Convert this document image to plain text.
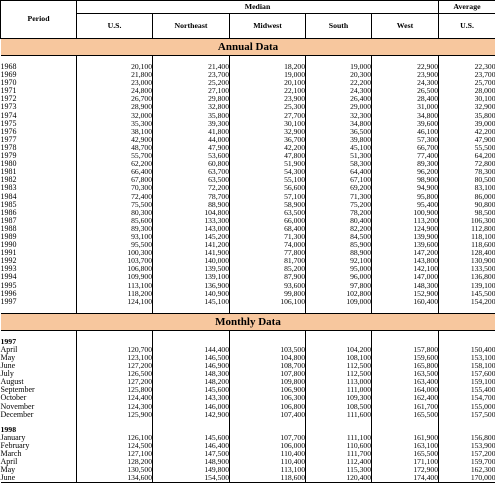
Period	Median					Average
	U.S.	Northeast	Midwest	South	West	U.S.
Annual Data						

1968	20,100	21,400	18,200	19,000	22,900	22,300
1969	21,800	23,700	19,000	20,300	23,900	23,700
1970	23,000	25,200	20,100	22,200	24,300	25,700
1971	24,800	27,100	22,100	24,300	26,500	28,000
1972	26,700	29,800	23,900	26,400	28,400	30,100
1973	28,900	32,800	25,300	29,000	31,000	32,900
1974	32,000	35,800	27,700	32,300	34,800	35,800
1975	35,300	39,300	30,100	34,800	39,600	39,000
1976	38,100	41,800	32,900	36,500	46,100	42,200
1977	42,900	44,000	36,700	39,800	57,300	47,900
1978	48,700	47,900	42,200	45,100	66,700	55,500
1979	55,700	53,600	47,800	51,300	77,400	64,200
1980	62,200	60,800	51,900	58,300	89,300	72,800
1981	66,400	63,700	54,300	64,400	96,200	78,300
1982	67,800	63,500	55,100	67,100	98,900	80,500
1983	70,300	72,200	56,600	69,200	94,900	83,100
1984	72,400	78,700	57,100	71,300	95,800	86,000
1985	75,500	88,900	58,900	75,200	95,400	90,800
1986	80,300	104,800	63,500	78,200	100,900	98,500
1987	85,600	133,300	66,000	80,400	113,200	106,300
1988	89,300	143,000	68,400	82,200	124,900	112,800
1989	93,100	145,200	71,300	84,500	139,900	118,100
1990	95,500	141,200	74,000	85,900	139,600	118,600
1991	100,300	141,900	77,800	88,900	147,200	128,400
1992	103,700	140,000	81,700	92,100	143,800	130,900
1993	106,800	139,500	85,200	95,000	142,100	133,500
1994	109,900	139,100	87,900	96,000	147,000	136,800
1995	113,100	136,900	93,600	97,800	148,300	139,100
1996	118,200	140,900	99,800	102,800	152,900	145,500
1997	124,100	145,100	106,100	109,000	160,400	154,200

Monthly Data						

1997						
April	120,700	144,400	103,500	104,200	157,800	150,400
May	123,100	146,500	104,800	108,100	159,600	153,100
June	127,200	146,900	108,700	112,500	165,800	158,100
July	126,500	148,300	107,800	112,500	163,500	157,600
August	127,200	148,200	109,800	113,000	163,400	159,100
September	125,800	145,600	106,900	111,000	164,000	155,400
October	124,400	143,300	106,300	109,300	162,400	154,700
November	124,300	146,000	106,800	108,500	161,700	155,000
December	125,900	142,900	107,400	111,600	165,500	157,500

1998						
January	126,100	145,600	107,700	111,100	161,900	156,800
February	124,500	146,400	106,000	110,600	163,100	153,900
March	127,100	147,500	110,400	111,700	165,500	157,200
April	128,200	148,900	110,400	112,400	171,100	159,700
May	130,500	149,800	113,100	115,300	172,900	162,300
June	134,600	154,500	118,600	120,400	174,400	170,000
